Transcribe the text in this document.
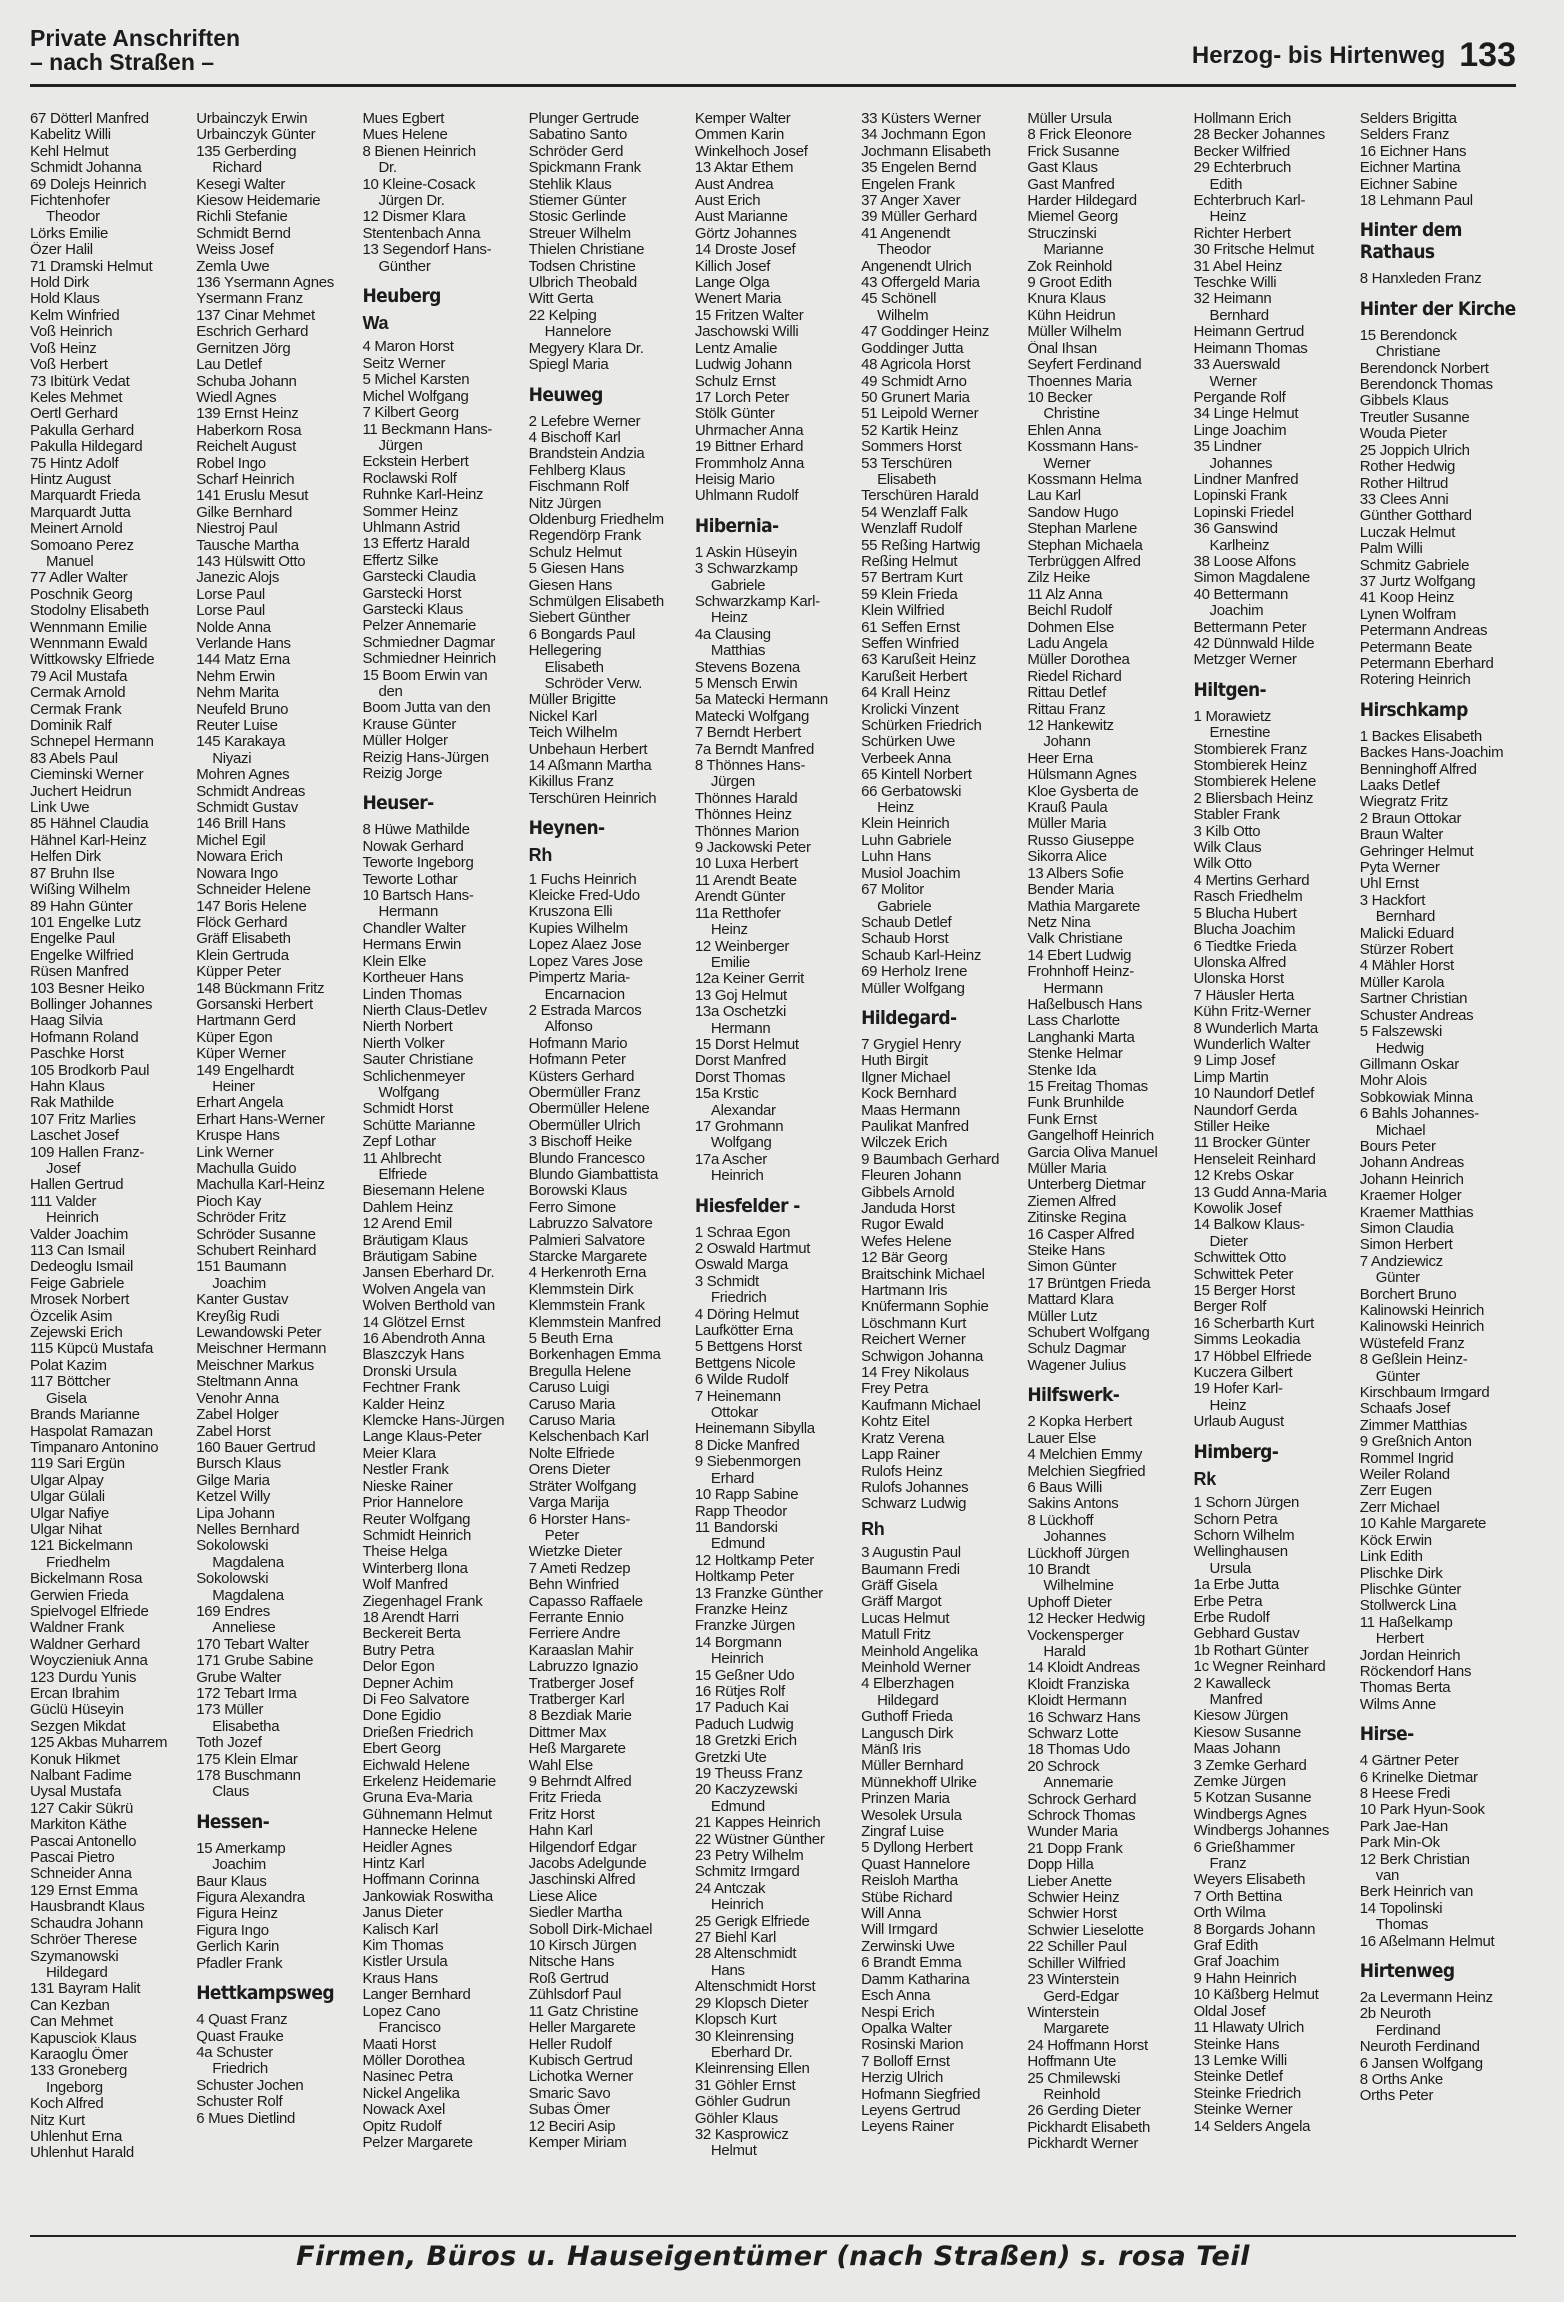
Private Anschriften
– nach Straßen –	Herzog- bis Hirtenweg 133
67 Dötterl Manfred
Kabelitz Willi
Kehl Helmut
Schmidt Johanna
69 Dolejs Heinrich
Fichtenhofer
Theodor
Lörks Emilie
Özer Halil
71 Dramski Helmut
Hold Dirk
Hold Klaus
Kelm Winfried
Voß Heinrich
Voß Heinz
Voß Herbert
73 Ibitürk Vedat
Keles Mehmet
Oertl Gerhard
Pakulla Gerhard
Pakulla Hildegard
75 Hintz Adolf
Hintz August
Marquardt Frieda
Marquardt Jutta
Meinert Arnold
Somoano Perez
Manuel
77 Adler Walter
Poschnik Georg
Stodolny Elisabeth
Wennmann Emilie
Wennmann Ewald
Wittkowsky Elfriede
79 Acil Mustafa
Cermak Arnold
Cermak Frank
Dominik Ralf
Schnepel Hermann
83 Abels Paul
Cieminski Werner
Juchert Heidrun
Link Uwe
85 Hähnel Claudia
Hähnel Karl-Heinz
Helfen Dirk
87 Bruhn Ilse
Wißing Wilhelm
89 Hahn Günter
101 Engelke Lutz
Engelke Paul
Engelke Wilfried
Rüsen Manfred
103 Besner Heiko
Bollinger Johannes
Haag Silvia
Hofmann Roland
Paschke Horst
105 Brodkorb Paul
Hahn Klaus
Rak Mathilde
107 Fritz Marlies
Laschet Josef
109 Hallen Franz-
Josef
Hallen Gertrud
111 Valder
Heinrich
Valder Joachim
113 Can Ismail
Dedeoglu Ismail
Feige Gabriele
Mrosek Norbert
Özcelik Asim
Zejewski Erich
115 Küpcü Mustafa
Polat Kazim
117 Böttcher
Gisela
Brands Marianne
Haspolat Ramazan
Timpanaro Antonino
119 Sari Ergün
Ulgar Alpay
Ulgar Gülali
Ulgar Nafiye
Ulgar Nihat
121 Bickelmann
Friedhelm
Bickelmann Rosa
Gerwien Frieda
Spielvogel Elfriede
Waldner Frank
Waldner Gerhard
Woyczieniuk Anna
123 Durdu Yunis
Ercan Ibrahim
Güclü Hüseyin
Sezgen Mikdat
125 Akbas Muharrem
Konuk Hikmet
Nalbant Fadime
Uysal Mustafa
127 Cakir Sükrü
Markiton Käthe
Pascai Antonello
Pascai Pietro
Schneider Anna
129 Ernst Emma
Hausbrandt Klaus
Schaudra Johann
Schröer Therese
Szymanowski
Hildegard
131 Bayram Halit
Can Kezban
Can Mehmet
Kapusciok Klaus
Karaoglu Ömer
133 Groneberg
Ingeborg
Koch Alfred
Nitz Kurt
Uhlenhut Erna
Uhlenhut Harald
Urbainczyk Erwin
Urbainczyk Günter
135 Gerberding
Richard
Kesegi Walter
Kiesow Heidemarie
Richli Stefanie
Schmidt Bernd
Weiss Josef
Zemla Uwe
136 Ysermann Agnes
Ysermann Franz
137 Cinar Mehmet
Eschrich Gerhard
Gernitzen Jörg
Lau Detlef
Schuba Johann
Wiedl Agnes
139 Ernst Heinz
Haberkorn Rosa
Reichelt August
Robel Ingo
Scharf Heinrich
141 Eruslu Mesut
Gilke Bernhard
Niestroj Paul
Tausche Martha
143 Hülswitt Otto
Janezic Alojs
Lorse Paul
Lorse Paul
Nolde Anna
Verlande Hans
144 Matz Erna
Nehm Erwin
Nehm Marita
Neufeld Bruno
Reuter Luise
145 Karakaya
Niyazi
Mohren Agnes
Schmidt Andreas
Schmidt Gustav
146 Brill Hans
Michel Egil
Nowara Erich
Nowara Ingo
Schneider Helene
147 Boris Helene
Flöck Gerhard
Gräff Elisabeth
Klein Gertruda
Küpper Peter
148 Bückmann Fritz
Gorsanski Herbert
Hartmann Gerd
Küper Egon
Küper Werner
149 Engelhardt
Heiner
Erhart Angela
Erhart Hans-Werner
Kruspe Hans
Link Werner
Machulla Guido
Machulla Karl-Heinz
Pioch Kay
Schröder Fritz
Schröder Susanne
Schubert Reinhard
151 Baumann
Joachim
Kanter Gustav
Kreyßig Rudi
Lewandowski Peter
Meischner Hermann
Meischner Markus
Steltmann Anna
Venohr Anna
Zabel Holger
Zabel Horst
160 Bauer Gertrud
Bursch Klaus
Gilge Maria
Ketzel Willy
Lipa Johann
Nelles Bernhard
Sokolowski
Magdalena
Sokolowski
Magdalena
169 Endres
Anneliese
170 Tebart Walter
171 Grube Sabine
Grube Walter
172 Tebart Irma
173 Müller
Elisabetha
Toth Jozef
175 Klein Elmar
178 Buschmann
Claus
Hessen-
15 Amerkamp
Joachim
Baur Klaus
Figura Alexandra
Figura Heinz
Figura Ingo
Gerlich Karin
Pfadler Frank
Hettkampsweg
4 Quast Franz
Quast Frauke
4a Schuster
Friedrich
Schuster Jochen
Schuster Rolf
6 Mues Dietlind
Mues Egbert
Mues Helene
8 Bienen Heinrich
Dr.
10 Kleine-Cosack
Jürgen Dr.
12 Dismer Klara
Stentenbach Anna
13 Segendorf Hans-
Günther
Heuberg
Wa
4 Maron Horst
Seitz Werner
5 Michel Karsten
Michel Wolfgang
7 Kilbert Georg
11 Beckmann Hans-
Jürgen
Eckstein Herbert
Roclawski Rolf
Ruhnke Karl-Heinz
Sommer Heinz
Uhlmann Astrid
13 Effertz Harald
Effertz Silke
Garstecki Claudia
Garstecki Horst
Garstecki Klaus
Pelzer Annemarie
Schmiedner Dagmar
Schmiedner Heinrich
15 Boom Erwin van
den
Boom Jutta van den
Krause Günter
Müller Holger
Reizig Hans-Jürgen
Reizig Jorge
Heuser-
8 Hüwe Mathilde
Nowak Gerhard
Teworte Ingeborg
Teworte Lothar
10 Bartsch Hans-
Hermann
Chandler Walter
Hermans Erwin
Klein Elke
Kortheuer Hans
Linden Thomas
Nierth Claus-Detlev
Nierth Norbert
Nierth Volker
Sauter Christiane
Schlichenmeyer
Wolfgang
Schmidt Horst
Schütte Marianne
Zepf Lothar
11 Ahlbrecht
Elfriede
Biesemann Helene
Dahlem Heinz
12 Arend Emil
Bräutigam Klaus
Bräutigam Sabine
Jansen Eberhard Dr.
Wolven Angela van
Wolven Berthold van
14 Glötzel Ernst
16 Abendroth Anna
Blaszczyk Hans
Dronski Ursula
Fechtner Frank
Kalder Heinz
Klemcke Hans-Jürgen
Lange Klaus-Peter
Meier Klara
Nestler Frank
Nieske Rainer
Prior Hannelore
Reuter Wolfgang
Schmidt Heinrich
Theise Helga
Winterberg Ilona
Wolf Manfred
Ziegenhagel Frank
18 Arendt Harri
Beckereit Berta
Butry Petra
Delor Egon
Depner Achim
Di Feo Salvatore
Done Egidio
Drießen Friedrich
Ebert Georg
Eichwald Helene
Erkelenz Heidemarie
Gruna Eva-Maria
Gühnemann Helmut
Hannecke Helene
Heidler Agnes
Hintz Karl
Hoffmann Corinna
Jankowiak Roswitha
Janus Dieter
Kalisch Karl
Kim Thomas
Kistler Ursula
Kraus Hans
Langer Bernhard
Lopez Cano
Francisco
Maati Horst
Möller Dorothea
Nasinec Petra
Nickel Angelika
Nowack Axel
Opitz Rudolf
Pelzer Margarete
Plunger Gertrude
Sabatino Santo
Schröder Gerd
Spickmann Frank
Stehlik Klaus
Stiemer Günter
Stosic Gerlinde
Streuer Wilhelm
Thielen Christiane
Todsen Christine
Ulbrich Theobald
Witt Gerta
22 Kelping
Hannelore
Megyery Klara Dr.
Spiegl Maria
Heuweg
2 Lefebre Werner
4 Bischoff Karl
Brandstein Andzia
Fehlberg Klaus
Fischmann Rolf
Nitz Jürgen
Oldenburg Friedhelm
Regendörp Frank
Schulz Helmut
5 Giesen Hans
Giesen Hans
Schmülgen Elisabeth
Siebert Günther
6 Bongards Paul
Hellegering
Elisabeth
Schröder Verw.
Müller Brigitte
Nickel Karl
Teich Wilhelm
Unbehaun Herbert
14 Aßmann Martha
Kikillus Franz
Terschüren Heinrich
Heynen-
Rh
1 Fuchs Heinrich
Kleicke Fred-Udo
Kruszona Elli
Kupies Wilhelm
Lopez Alaez Jose
Lopez Vares Jose
Pimpertz Maria-
Encarnacion
2 Estrada Marcos
Alfonso
Hofmann Mario
Hofmann Peter
Küsters Gerhard
Obermüller Franz
Obermüller Helene
Obermüller Ulrich
3 Bischoff Heike
Blundo Francesco
Blundo Giambattista
Borowski Klaus
Ferro Simone
Labruzzo Salvatore
Palmieri Salvatore
Starcke Margarete
4 Herkenroth Erna
Klemmstein Dirk
Klemmstein Frank
Klemmstein Manfred
5 Beuth Erna
Borkenhagen Emma
Bregulla Helene
Caruso Luigi
Caruso Maria
Caruso Maria
Kelschenbach Karl
Nolte Elfriede
Orens Dieter
Sträter Wolfgang
Varga Marija
6 Horster Hans-
Peter
Wietzke Dieter
7 Ameti Redzep
Behn Winfried
Capasso Raffaele
Ferrante Ennio
Ferriere Andre
Karaaslan Mahir
Labruzzo Ignazio
Tratberger Josef
Tratberger Karl
8 Bezdiak Marie
Dittmer Max
Heß Margarete
Wahl Else
9 Behrndt Alfred
Fritz Frieda
Fritz Horst
Hahn Karl
Hilgendorf Edgar
Jacobs Adelgunde
Jaschinski Alfred
Liese Alice
Siedler Martha
Soboll Dirk-Michael
10 Kirsch Jürgen
Nitsche Hans
Roß Gertrud
Zühlsdorf Paul
11 Gatz Christine
Heller Margarete
Heller Rudolf
Kubisch Gertrud
Lichotka Werner
Smaric Savo
Subas Ömer
12 Beciri Asip
Kemper Miriam
Kemper Walter
Ommen Karin
Winkelhoch Josef
13 Aktar Ethem
Aust Andrea
Aust Erich
Aust Marianne
Görtz Johannes
14 Droste Josef
Killich Josef
Lange Olga
Wenert Maria
15 Fritzen Walter
Jaschowski Willi
Lentz Amalie
Ludwig Johann
Schulz Ernst
17 Lorch Peter
Stölk Günter
Uhrmacher Anna
19 Bittner Erhard
Frommholz Anna
Heisig Mario
Uhlmann Rudolf
Hibernia-
1 Askin Hüseyin
3 Schwarzkamp
Gabriele
Schwarzkamp Karl-
Heinz
4a Clausing
Matthias
Stevens Bozena
5 Mensch Erwin
5a Matecki Hermann
Matecki Wolfgang
7 Berndt Herbert
7a Berndt Manfred
8 Thönnes Hans-
Jürgen
Thönnes Harald
Thönnes Heinz
Thönnes Marion
9 Jackowski Peter
10 Luxa Herbert
11 Arendt Beate
Arendt Günter
11a Retthofer
Heinz
12 Weinberger
Emilie
12a Keiner Gerrit
13 Goj Helmut
13a Oschetzki
Hermann
15 Dorst Helmut
Dorst Manfred
Dorst Thomas
15a Krstic
Alexandar
17 Grohmann
Wolfgang
17a Ascher
Heinrich
Hiesfelder -
1 Schraa Egon
2 Oswald Hartmut
Oswald Marga
3 Schmidt
Friedrich
4 Döring Helmut
Laufkötter Erna
5 Bettgens Horst
Bettgens Nicole
6 Wilde Rudolf
7 Heinemann
Ottokar
Heinemann Sibylla
8 Dicke Manfred
9 Siebenmorgen
Erhard
10 Rapp Sabine
Rapp Theodor
11 Bandorski
Edmund
12 Holtkamp Peter
Holtkamp Peter
13 Franzke Günther
Franzke Heinz
Franzke Jürgen
14 Borgmann
Heinrich
15 Geßner Udo
16 Rütjes Rolf
17 Paduch Kai
Paduch Ludwig
18 Gretzki Erich
Gretzki Ute
19 Theuss Franz
20 Kaczyzewski
Edmund
21 Kappes Heinrich
22 Wüstner Günther
23 Petry Wilhelm
Schmitz Irmgard
24 Antczak
Heinrich
25 Gerigk Elfriede
27 Biehl Karl
28 Altenschmidt
Hans
Altenschmidt Horst
29 Klopsch Dieter
Klopsch Kurt
30 Kleinrensing
Eberhard Dr.
Kleinrensing Ellen
31 Göhler Ernst
Göhler Gudrun
Göhler Klaus
32 Kasprowicz
Helmut
33 Küsters Werner
34 Jochmann Egon
Jochmann Elisabeth
35 Engelen Bernd
Engelen Frank
37 Anger Xaver
39 Müller Gerhard
41 Angenendt
Theodor
Angenendt Ulrich
43 Offergeld Maria
45 Schönell
Wilhelm
47 Goddinger Heinz
Goddinger Jutta
48 Agricola Horst
49 Schmidt Arno
50 Grunert Maria
51 Leipold Werner
52 Kartik Heinz
Sommers Horst
53 Terschüren
Elisabeth
Terschüren Harald
54 Wenzlaff Falk
Wenzlaff Rudolf
55 Reßing Hartwig
Reßing Helmut
57 Bertram Kurt
59 Klein Frieda
Klein Wilfried
61 Seffen Ernst
Seffen Winfried
63 Karußeit Heinz
Karußeit Herbert
64 Krall Heinz
Krolicki Vinzent
Schürken Friedrich
Schürken Uwe
Verbeek Anna
65 Kintell Norbert
66 Gerbatowski
Heinz
Klein Heinrich
Luhn Gabriele
Luhn Hans
Musiol Joachim
67 Molitor
Gabriele
Schaub Detlef
Schaub Horst
Schaub Karl-Heinz
69 Herholz Irene
Müller Wolfgang
Hildegard-
7 Grygiel Henry
Huth Birgit
Ilgner Michael
Kock Bernhard
Maas Hermann
Paulikat Manfred
Wilczek Erich
9 Baumbach Gerhard
Fleuren Johann
Gibbels Arnold
Janduda Horst
Rugor Ewald
Wefes Helene
12 Bär Georg
Braitschink Michael
Hartmann Iris
Knüfermann Sophie
Löschmann Kurt
Reichert Werner
Schwigon Johanna
14 Frey Nikolaus
Frey Petra
Kaufmann Michael
Kohtz Eitel
Kratz Verena
Lapp Rainer
Rulofs Heinz
Rulofs Johannes
Schwarz Ludwig
Rh
3 Augustin Paul
Baumann Fredi
Gräff Gisela
Gräff Margot
Lucas Helmut
Matull Fritz
Meinhold Angelika
Meinhold Werner
4 Elberzhagen
Hildegard
Guthoff Frieda
Langusch Dirk
Mänß Iris
Müller Bernhard
Münnekhoff Ulrike
Prinzen Maria
Wesolek Ursula
Zingraf Luise
5 Dyllong Herbert
Quast Hannelore
Reisloh Martha
Stübe Richard
Will Anna
Will Irmgard
Zerwinski Uwe
6 Brandt Emma
Damm Katharina
Esch Anna
Nespi Erich
Opalka Walter
Rosinski Marion
7 Bolloff Ernst
Herzig Ulrich
Hofmann Siegfried
Leyens Gertrud
Leyens Rainer
Müller Ursula
8 Frick Eleonore
Frick Susanne
Gast Klaus
Gast Manfred
Harder Hildegard
Miemel Georg
Struczinski
Marianne
Zok Reinhold
9 Groot Edith
Knura Klaus
Kühn Heidrun
Müller Wilhelm
Önal Ihsan
Seyfert Ferdinand
Thoennes Maria
10 Becker
Christine
Ehlen Anna
Kossmann Hans-
Werner
Kossmann Helma
Lau Karl
Sandow Hugo
Stephan Marlene
Stephan Michaela
Terbrüggen Alfred
Zilz Heike
11 Alz Anna
Beichl Rudolf
Dohmen Else
Ladu Angela
Müller Dorothea
Riedel Richard
Rittau Detlef
Rittau Franz
12 Hankewitz
Johann
Heer Erna
Hülsmann Agnes
Kloe Gysberta de
Krauß Paula
Müller Maria
Russo Giuseppe
Sikorra Alice
13 Albers Sofie
Bender Maria
Mathia Margarete
Netz Nina
Valk Christiane
14 Ebert Ludwig
Frohnhoff Heinz-
Hermann
Haßelbusch Hans
Lass Charlotte
Langhanki Marta
Stenke Helmar
Stenke Ida
15 Freitag Thomas
Funk Brunhilde
Funk Ernst
Gangelhoff Heinrich
Garcia Oliva Manuel
Müller Maria
Unterberg Dietmar
Ziemen Alfred
Zitinske Regina
16 Casper Alfred
Steike Hans
Simon Günter
17 Brüntgen Frieda
Mattard Klara
Müller Lutz
Schubert Wolfgang
Schulz Dagmar
Wagener Julius
Hilfswerk-
2 Kopka Herbert
Lauer Else
4 Melchien Emmy
Melchien Siegfried
6 Baus Willi
Sakins Antons
8 Lückhoff
Johannes
Lückhoff Jürgen
10 Brandt
Wilhelmine
Uphoff Dieter
12 Hecker Hedwig
Vockensperger
Harald
14 Kloidt Andreas
Kloidt Franziska
Kloidt Hermann
16 Schwarz Hans
Schwarz Lotte
18 Thomas Udo
20 Schrock
Annemarie
Schrock Gerhard
Schrock Thomas
Wunder Maria
21 Dopp Frank
Dopp Hilla
Lieber Anette
Schwier Heinz
Schwier Horst
Schwier Lieselotte
22 Schiller Paul
Schiller Wilfried
23 Winterstein
Gerd-Edgar
Winterstein
Margarete
24 Hoffmann Horst
Hoffmann Ute
25 Chmilewski
Reinhold
26 Gerding Dieter
Pickhardt Elisabeth
Pickhardt Werner
Hollmann Erich
28 Becker Johannes
Becker Wilfried
29 Echterbruch
Edith
Echterbruch Karl-
Heinz
Richter Herbert
30 Fritsche Helmut
31 Abel Heinz
Teschke Willi
32 Heimann
Bernhard
Heimann Gertrud
Heimann Thomas
33 Auerswald
Werner
Pergande Rolf
34 Linge Helmut
Linge Joachim
35 Lindner
Johannes
Lindner Manfred
Lopinski Frank
Lopinski Friedel
36 Ganswind
Karlheinz
38 Loose Alfons
Simon Magdalene
40 Bettermann
Joachim
Bettermann Peter
42 Dünnwald Hilde
Metzger Werner
Hiltgen-
1 Morawietz
Ernestine
Stombierek Franz
Stombierek Heinz
Stombierek Helene
2 Bliersbach Heinz
Stabler Frank
3 Kilb Otto
Wilk Claus
Wilk Otto
4 Mertins Gerhard
Rasch Friedhelm
5 Blucha Hubert
Blucha Joachim
6 Tiedtke Frieda
Ulonska Alfred
Ulonska Horst
7 Häusler Herta
Kühn Fritz-Werner
8 Wunderlich Marta
Wunderlich Walter
9 Limp Josef
Limp Martin
10 Naundorf Detlef
Naundorf Gerda
Stiller Heike
11 Brocker Günter
Henseleit Reinhard
12 Krebs Oskar
13 Gudd Anna-Maria
Kowolik Josef
14 Balkow Klaus-
Dieter
Schwittek Otto
Schwittek Peter
15 Berger Horst
Berger Rolf
16 Scherbarth Kurt
Simms Leokadia
17 Höbbel Elfriede
Kuczera Gilbert
19 Hofer Karl-
Heinz
Urlaub August
Himberg-
Rk
1 Schorn Jürgen
Schorn Petra
Schorn Wilhelm
Wellinghausen
Ursula
1a Erbe Jutta
Erbe Petra
Erbe Rudolf
Gebhard Gustav
1b Rothart Günter
1c Wegner Reinhard
2 Kawalleck
Manfred
Kiesow Jürgen
Kiesow Susanne
Maas Johann
3 Zemke Gerhard
Zemke Jürgen
5 Kotzan Susanne
Windbergs Agnes
Windbergs Johannes
6 Grießhammer
Franz
Weyers Elisabeth
7 Orth Bettina
Orth Wilma
8 Borgards Johann
Graf Edith
Graf Joachim
9 Hahn Heinrich
10 Käßberg Helmut
Oldal Josef
11 Hlawaty Ulrich
Steinke Hans
13 Lemke Willi
Steinke Detlef
Steinke Friedrich
Steinke Werner
14 Selders Angela
Selders Brigitta
Selders Franz
16 Eichner Hans
Eichner Martina
Eichner Sabine
18 Lehmann Paul
Hinter dem Rathaus
8 Hanxleden Franz
Hinter der Kirche
15 Berendonck
Christiane
Berendonck Norbert
Berendonck Thomas
Gibbels Klaus
Treutler Susanne
Wouda Pieter
25 Joppich Ulrich
Rother Hedwig
Rother Hiltrud
33 Clees Anni
Günther Gotthard
Luczak Helmut
Palm Willi
Schmitz Gabriele
37 Jurtz Wolfgang
41 Koop Heinz
Lynen Wolfram
Petermann Andreas
Petermann Beate
Petermann Eberhard
Rotering Heinrich
Hirschkamp
1 Backes Elisabeth
Backes Hans-Joachim
Benninghoff Alfred
Laaks Detlef
Wiegratz Fritz
2 Braun Ottokar
Braun Walter
Gehringer Helmut
Pyta Werner
Uhl Ernst
3 Hackfort
Bernhard
Malicki Eduard
Stürzer Robert
4 Mähler Horst
Müller Karola
Sartner Christian
Schuster Andreas
5 Falszewski
Hedwig
Gillmann Oskar
Mohr Alois
Sobkowiak Minna
6 Bahls Johannes-
Michael
Bours Peter
Johann Andreas
Johann Heinrich
Kraemer Holger
Kraemer Matthias
Simon Claudia
Simon Herbert
7 Andziewicz
Günter
Borchert Bruno
Kalinowski Heinrich
Kalinowski Heinrich
Wüstefeld Franz
8 Geßlein Heinz-
Günter
Kirschbaum Irmgard
Schaafs Josef
Zimmer Matthias
9 Greßnich Anton
Rommel Ingrid
Weiler Roland
Zerr Eugen
Zerr Michael
10 Kahle Margarete
Köck Erwin
Link Edith
Plischke Dirk
Plischke Günter
Stollwerck Lina
11 Haßelkamp
Herbert
Jordan Heinrich
Röckendorf Hans
Thomas Berta
Wilms Anne
Hirse-
4 Gärtner Peter
6 Krinelke Dietmar
8 Heese Fredi
10 Park Hyun-Sook
Park Jae-Han
Park Min-Ok
12 Berk Christian
van
Berk Heinrich van
14 Topolinski
Thomas
16 Aßelmann Helmut
Hirtenweg
2a Levermann Heinz
2b Neuroth
Ferdinand
Neuroth Ferdinand
6 Jansen Wolfgang
8 Orths Anke
Orths Peter
Firmen, Büros u. Hauseigentümer (nach Straßen) s. rosa Teil
